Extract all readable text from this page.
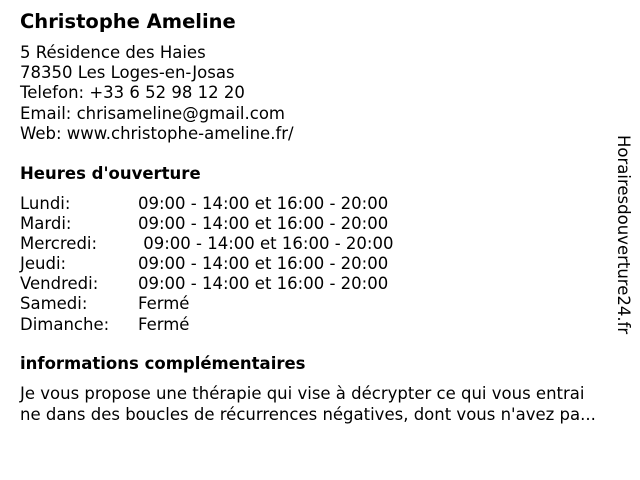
Christophe Ameline
5 Résidence des Haies
78350 Les Loges-en-Josas
Telefon: +33 6 52 98 12 20
Email: chrisameline@gmail.com
Web: www.christophe-ameline.fr/
Heures d'ouverture
Lundi:	09:00 - 14:00 et 16:00 - 20:00
Mardi:	09:00 - 14:00 et 16:00 - 20:00
Mercredi: 09:00 - 14:00 et 16:00 - 20:00
Jeudi:	09:00 - 14:00 et 16:00 - 20:00
Vendredi: 09:00 - 14:00 et 16:00 - 20:00
Samedi:	Fermé
Dimanche: Fermé
informations complémentaires
Je vous propose une thérapie qui vise à décrypter ce qui vous entrai
ne dans des boucles de récurrences négatives, dont vous n'avez pa...
Horairesdouverture24.fr
